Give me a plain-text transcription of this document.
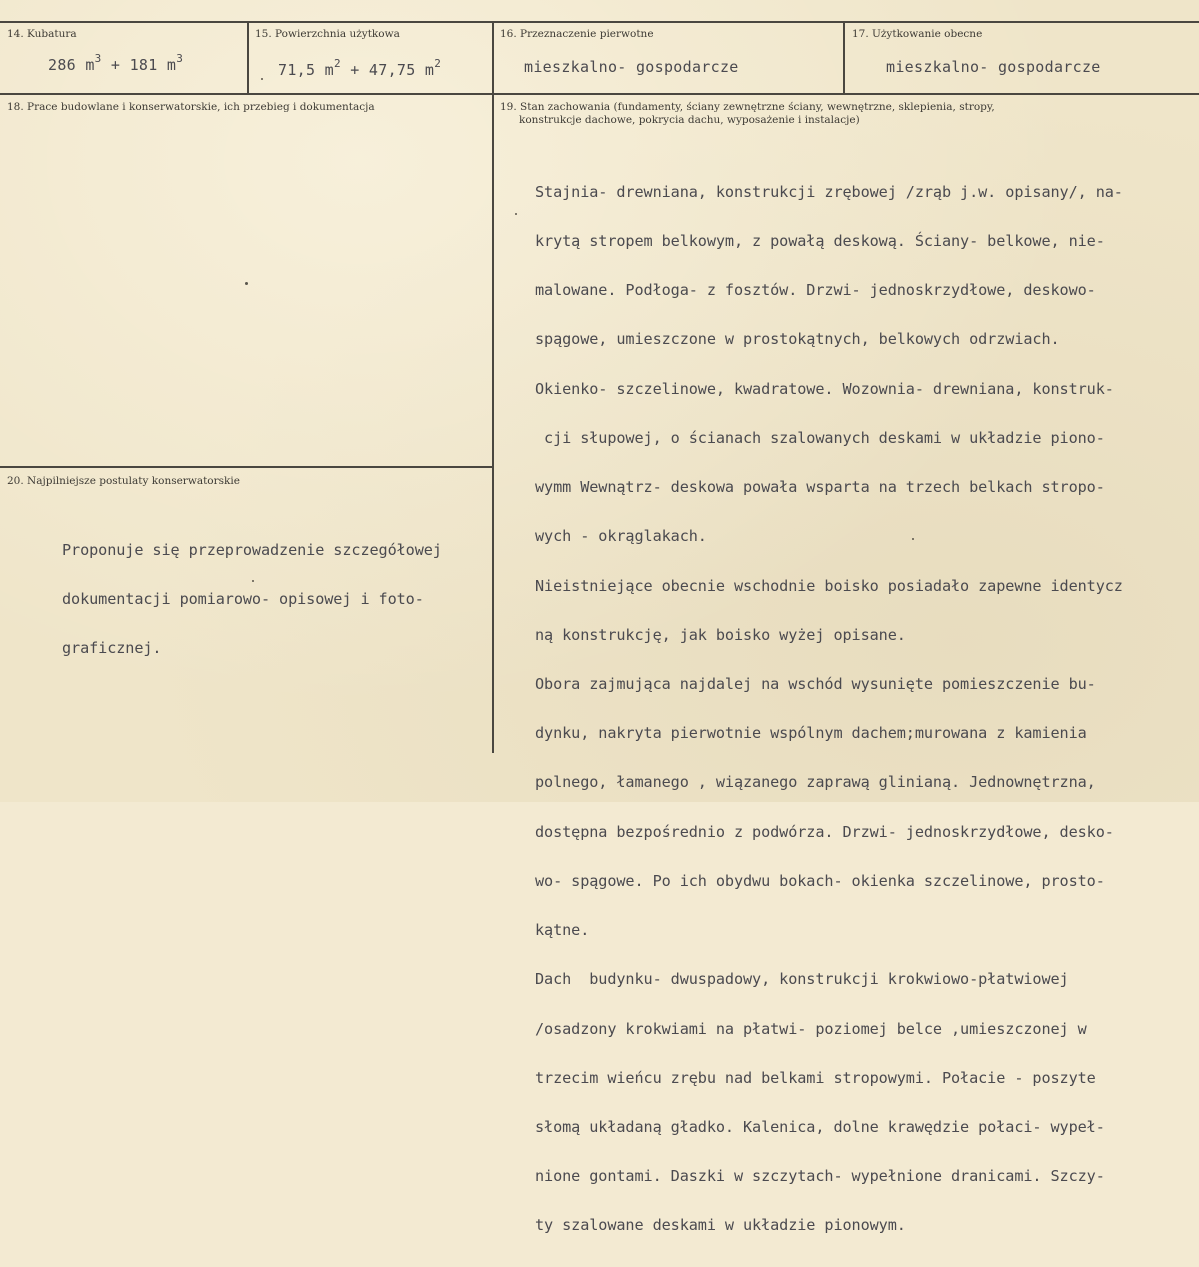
14. Kubatura
286 $m^3 + 181$ $m^3$
15. Powierzchnia użytkowa
71,5 $m^2 + 47,75$ $m^2$
16. Przeznaczenie pierwotne
mieszkalno- gospodarcze
17. Użytkowanie obecne
mieszkalno- gospodarcze
18. Prace budowlane i konserwatorskie, ich przebieg i dokumentacja	19. Stan zachowania (fundamenty, ściany zewnętrzne ściany, wewnętrzne, sklepienia, stropy,
konstrukcje dachowe, pokrycia dachu, wyposażenie i instalacje)

Stajnia- drewniana, konstrukcji zrębowej /zrąb j.w. opisany/, na-

krytą stropem belkowym, z powałą deskową. Ściany- belkowe, nie-

malowane. Podłoga- z fosztów. Drzwi- jednoskrzydłowe, deskowo-

spągowe, umieszczone w prostokątnych, belkowych odrzwiach.

Okienko- szczelinowe, kwadratowe. Wozownia- drewniana, konstruk-

cji słupowej, o ścianach szalowanych deskami w układzie piono-

wymm Wewnątrz- deskowa powała wsparta na trzech belkach stropo-

wych - okrąglakach.

Nieistniejące obecnie wschodnie boisko posiadało zapewne identycz

ną konstrukcję, jak boisko wyżej opisane.

Obora zajmująca najdalej na wschód wysunięte pomieszczenie bu-

dynku, nakryta pierwotnie wspólnym dachem;murowana z kamienia

polnego, łamanego , wiązanego zaprawą glinianą. Jednownętrzna,

dostępna bezpośrednio z podwórza. Drzwi- jednoskrzydłowe, desko-

wo- spągowe. Po ich obydwu bokach- okienka szczelinowe, prosto-

kątne.

Dach  budynku- dwuspadowy, konstrukcji krokwiowo-płatwiowej

/osadzony krokwiami na płatwi- poziomej belce ,umieszczonej w

trzecim wieńcu zrębu nad belkami stropowymi. Połacie - poszyte

słomą układaną gładko. Kalenica, dolne krawędzie połaci- wypeł-

nione gontami. Daszki w szczytach- wypełnione dranicami. Szczy-

ty szalowane deskami w układzie pionowym.

20. Najpilniejsze postulaty konserwatorskie

Proponuje się przeprowadzenie szczegółowej

dokumentacji pomiarowo- opisowej i foto-

graficznej.
